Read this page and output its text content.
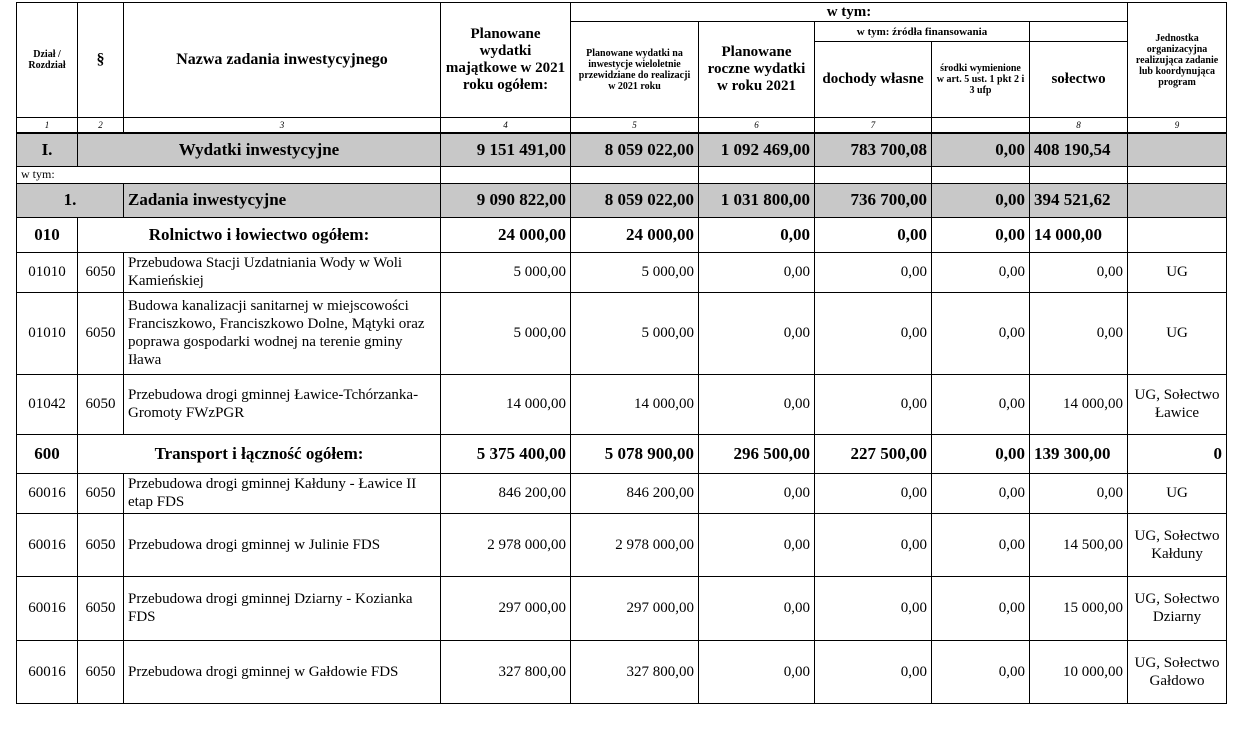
Dział / Rozdział	§	Nazwa zadania inwestycyjnego	Planowane wydatki majątkowe w 2021 roku ogółem:	w tym:					Jednostka organizacyjna realizująca zadanie lub koordynująca program
				Planowane wydatki na inwestycje wieloletnie przewidziane do realizacji w 2021 roku	Planowane roczne wydatki w roku 2021	w tym: źródła finansowania			
						dochody własne	środki wymienione w art. 5 ust. 1 pkt 2 i 3 ufp	sołectwo	
1	2	3	4	5	6	7		8	9
I.	Wydatki inwestycyjne		9 151 491,00	8 059 022,00	1 092 469,00	783 700,08	0,00	408 190,54	
w tym:									
1.		Zadania inwestycyjne	9 090 822,00	8 059 022,00	1 031 800,00	736 700,00	0,00	394 521,62	
010	Rolnictwo i łowiectwo ogółem:		24 000,00	24 000,00	0,00	0,00	0,00	14 000,00	
01010	6050	Przebudowa Stacji Uzdatniania Wody w Woli Kamieńskiej	5 000,00	5 000,00	0,00	0,00	0,00	0,00	UG
01010	6050	Budowa kanalizacji sanitarnej w miejscowości Franciszkowo, Franciszkowo Dolne, Mątyki oraz poprawa gospodarki wodnej na terenie gminy Iława	5 000,00	5 000,00	0,00	0,00	0,00	0,00	UG
01042	6050	Przebudowa drogi gminnej Ławice-Tchórzanka-Gromoty FWzPGR	14 000,00	14 000,00	0,00	0,00	0,00	14 000,00	UG, Sołectwo Ławice
600	Transport i łączność ogółem:		5 375 400,00	5 078 900,00	296 500,00	227 500,00	0,00	139 300,00	0
60016	6050	Przebudowa drogi gminnej Kałduny - Ławice II etap FDS	846 200,00	846 200,00	0,00	0,00	0,00	0,00	UG
60016	6050	Przebudowa drogi gminnej w Julinie FDS	2 978 000,00	2 978 000,00	0,00	0,00	0,00	14 500,00	UG, Sołectwo Kałduny
60016	6050	Przebudowa drogi gminnej Dziarny - Kozianka FDS	297 000,00	297 000,00	0,00	0,00	0,00	15 000,00	UG, Sołectwo Dziarny
60016	6050	Przebudowa drogi gminnej w Gałdowie FDS	327 800,00	327 800,00	0,00	0,00	0,00	10 000,00	UG, Sołectwo Gałdowo
